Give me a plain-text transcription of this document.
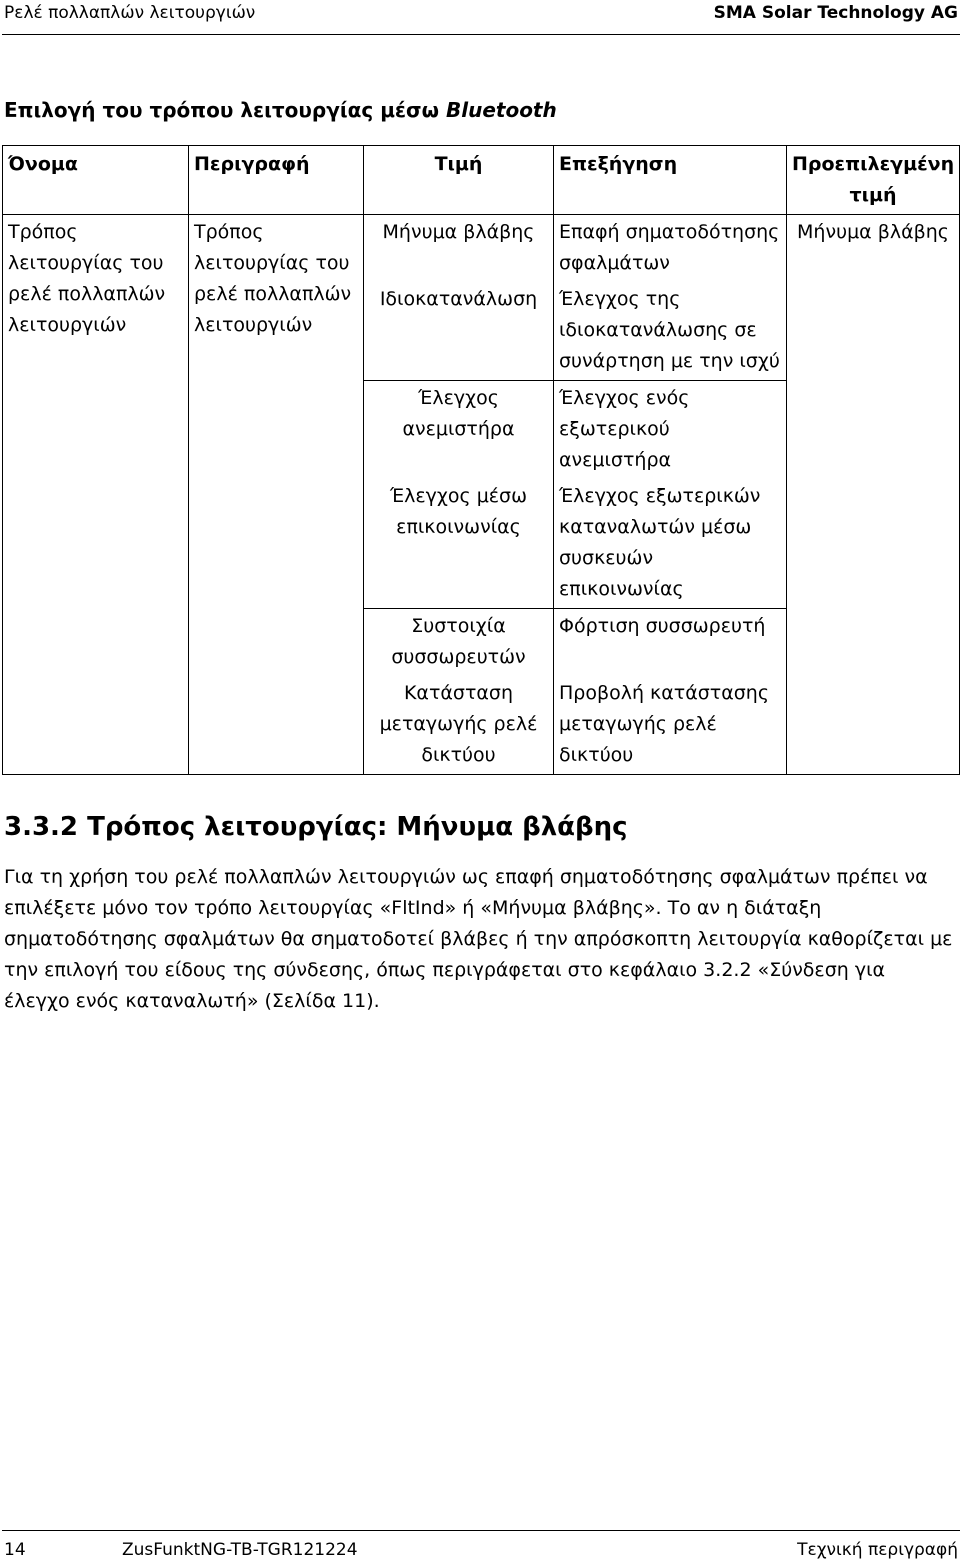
Ρελέ πολλαπλών λειτουργιών	SMA Solar Technology AG
Επιλογή του τρόπου λειτουργίας μέσω Bluetooth
Όνομα	Περιγραφή	Τιμή	Επεξήγηση	Προεπιλεγμένη τιμή
Τρόπος λειτουργίας του ρελέ πολλαπλών λειτουργιών	Τρόπος λειτουργίας του ρελέ πολλαπλών λειτουργιών	Μήνυμα βλάβης	Επαφή σηματοδότησης σφαλμάτων	Μήνυμα βλάβης
		Ιδιοκατανάλωση	Έλεγχος της ιδιοκατανάλωσης σε συνάρτηση με την ισχύ	
		Έλεγχος ανεμιστήρα	Έλεγχος ενός εξωτερικού ανεμιστήρα	
		Έλεγχος μέσω επικοινωνίας	Έλεγχος εξωτερικών καταναλωτών μέσω συσκευών επικοινωνίας	
		Συστοιχία συσσωρευτών	Φόρτιση συσσωρευτή	
		Κατάσταση μεταγωγής ρελέ δικτύου	Προβολή κατάστασης μεταγωγής ρελέ δικτύου	
3.3.2 Τρόπος λειτουργίας: Μήνυμα βλάβης

Για τη χρήση του ρελέ πολλαπλών λειτουργιών ως επαφή σηματοδότησης σφαλμάτων πρέπει να επιλέξετε μόνο τον τρόπο λειτουργίας «FltInd» ή «Μήνυμα βλάβης». Το αν η διάταξη σηματοδότησης σφαλμάτων θα σηματοδοτεί βλάβες ή την απρόσκοπτη λειτουργία καθορίζεται με την επιλογή του είδους της σύνδεσης, όπως περιγράφεται στο κεφάλαιο 3.2.2 «Σύνδεση για έλεγχο ενός καταναλωτή» (Σελίδα 11).

14	ZusFunktNG-TB-TGR121224	Τεχνική περιγραφή
